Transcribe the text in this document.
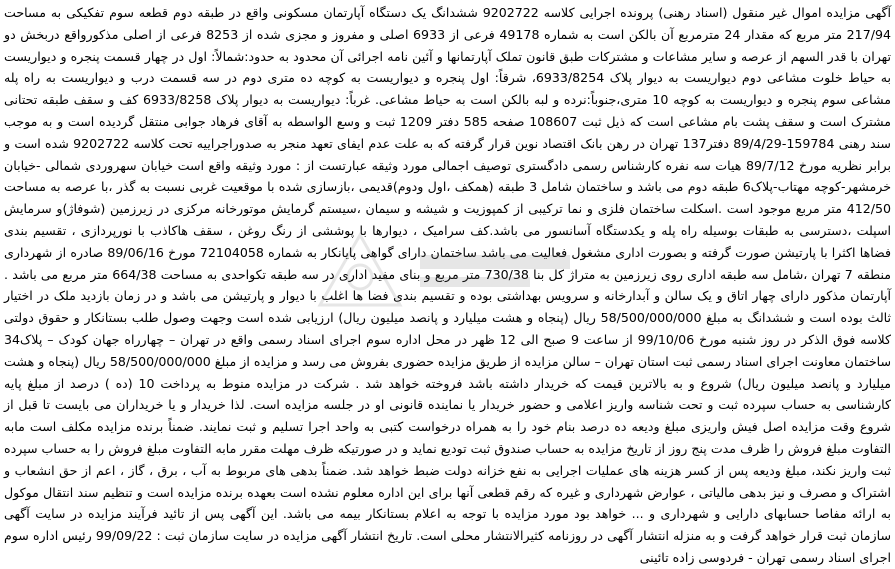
آگهی مزایده اموال غیر منقول (اسناد رهنی) پرونده اجرایی کلاسه 9202722 ششدانگ یک دستگاه آپارتمان مسکونی واقع در طبقه دوم قطعه سوم تفکیکی به مساحت 217/94 متر مربع که مقدار 24 مترمربع آن بالکن است به شماره 49178 فرعی از 6933 اصلی و مفروز و مجزی شده از 8253 فرعی از اصلی مذکورواقع دربخش دو تهران با قدر السهم از عرصه و سایر مشاعات و مشترکات طبق قانون تملک آپارتمانها و آئین نامه اجرائی آن محدود به حدود:شمالاً: اول در چهار قسمت پنجره و دیواریست به حیاط خلوت مشاعی دوم دیواریست به دیوار پلاک 6933/8254، شرقاً: اول پنجره و دیواریست به کوچه ده متری دوم در سه قسمت درب و دیواریست به راه پله مشاعی سوم پنجره و دیواریست به کوچه 10 متری،جنوباً:نرده و لبه بالکن است به حیاط مشاعی. غرباً: دیواریست به دیوار پلاک 6933/8258 کف و سقف طبقه تحتانی مشترک است و سقف پشت بام مشاعی است که ذیل ثبت 108607 صفحه 585 دفتر 1209 ثبت و وسع الواسطه به آقای فرهاد جوابی منتقل گردیده است و به موجب سند رهنی 159784-89/4/29 دفتر137 تهران در رهن بانک اقتصاد نوین قرار گرفته که به علت عدم ایفای تعهد منجر به صدوراجراییه تحت کلاسه 9202722 شده است و برابر نظریه مورخ 89/7/12 هیات سه نفره کارشناس رسمی دادگستری توصیف اجمالی مورد وثیقه عبارتست از : مورد وثیقه واقع است خیابان سهروردی شمالی -خیابان خرمشهر-کوچه مهتاب-پلاک6 طبقه دوم می باشد و ساختمان شامل 3 طبقه (همکف ،اول ودوم)قدیمی ،بازسازی شده با موقعیت غربی نسبت به گذر ،با عرصه به مساحت 412/50 متر مربع موجود است .اسکلت ساختمان فلزی و نما ترکیبی از کمپوزیت و شیشه و سیمان ،سیستم گرمایش موتورخانه مرکزی در زیرزمین (شوفاژ)و سرمایش اسپلت ،دسترسی به طبقات بوسیله راه پله و یکدستگاه آسانسور می باشد.کف سرامیک ، دیوارها با پوششی از رنگ روغن ، سقف هاکاذب با نورپردازی ، تقسیم بندی فضاها اکثرا با پارتیشن صورت گرفته و بصورت اداری مشغول فعالیت می باشد ساختمان دارای گواهی پایانکار به شماره 72104058 مورخ 89/06/16 صادره از شهرداری منطقه 7 تهران ،شامل سه طبقه اداری روی زیرزمین به متراژ کل بنا 730/38 متر مربع و بنای مفید اداری در سه طبقه تکواحدی به مساحت 664/38 متر مربع می باشد . آپارتمان مذکور دارای چهار اتاق و یک سالن و آبدارخانه و سرویس بهداشتی بوده و تقسیم بندی فضا ها اغلب با دیوار و پارتیشن می باشد و در زمان بازدید ملک در اختیار ثالث بوده است و ششدانگ به مبلغ 58/500/000/000 ریال (پنجاه و هشت میلیارد و پانصد میلیون ریال) ارزیابی شده است وجهت وصول طلب بستانکار و حقوق دولتی کلاسه فوق الذکر در روز شنبه مورخ 99/10/06 از ساعت 9 صبح الی 12 ظهر در محل اداره سوم اجرای اسناد رسمی واقع در تهران – چهارراه جهان کودک – پلاک34 ساختمان معاونت اجرای اسناد رسمی ثبت استان تهران – سالن مزایده از طریق مزایده حضوری بفروش می رسد و مزایده از مبلغ 58/500/000/000 ریال (پنجاه و هشت میلیارد و پانصد میلیون ریال) شروع و به بالاترین قیمت که خریدار داشته باشد فروخته خواهد شد . شرکت در مزایده منوط به پرداخت 10 (ده ) درصد از مبلغ پایه کارشناسی به حساب سپرده ثبت و تحت شناسه واریز اعلامی و حضور خریدار یا نماینده قانونی او در جلسه مزایده است. لذا خریدار و یا خریداران می بایست تا قبل از شروع وقت مزایده اصل فیش واریزی مبلغ ودیعه ده درصد بنام خود را به همراه درخواست کتبی به واحد اجرا تسلیم و ثبت نمایند. ضمناً برنده مزایده مکلف است مابه التفاوت مبلغ فروش را ظرف مدت پنج روز از تاریخ مزایده به حساب صندوق ثبت تودیع نماید و در صورتیکه ظرف مهلت مقرر مابه التفاوت مبلغ فروش را به حساب سپرده ثبت واریز نکند، مبلغ ودیعه پس از کسر هزینه های عملیات اجرایی به نفع خزانه دولت ضبط خواهد شد. ضمناً بدهی های مربوط به آب ، برق ، گاز ، اعم از حق انشعاب و اشتراک و مصرف و نیز بدهی مالیاتی ، عوارض شهرداری و غیره که رقم قطعی آنها برای این اداره معلوم نشده است بعهده برنده مزایده است و تنظیم سند انتقال موکول به ارائه مفاصا حسابهای دارایی و شهرداری و ... خواهد بود مورد مزایده با توجه به اعلام بستانکار بیمه می باشد. این آگهی پس از تائید فرآیند مزایده در سایت آگهی سازمان ثبت قرار خواهد گرفت و به منزله انتشار آگهی در روزنامه کثیرالانتشار محلی است. تاریخ انتشار آگهی مزایده در سایت سازمان ثبت : 99/09/22 رئیس اداره سوم اجرای اسناد رسمی تهران - فردوسی زاده تائینی
